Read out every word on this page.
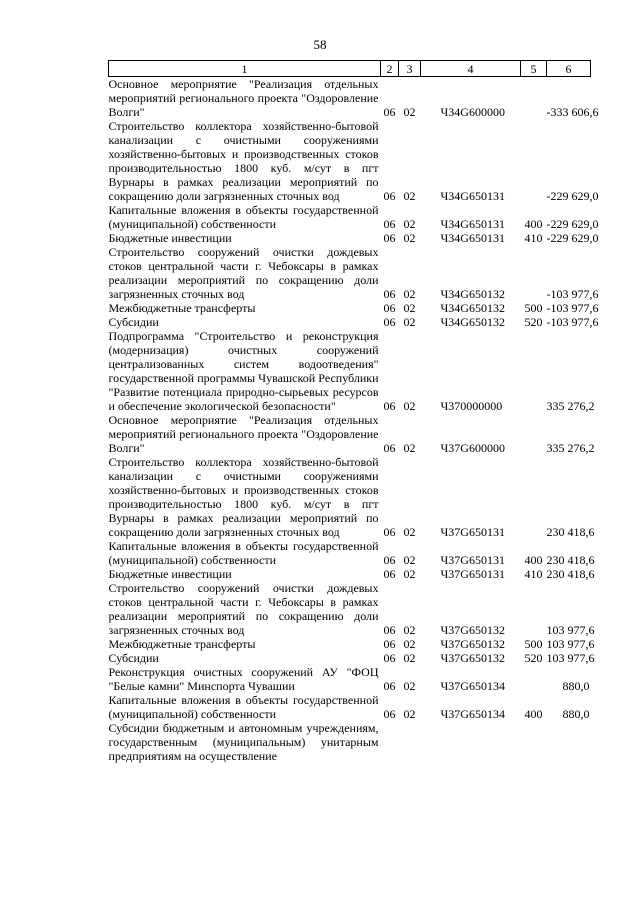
58
1	2	3	4	5	6
Основное мероприятие "Реализация отдельных мероприятий регионального проекта "Оздоровление Волги"	06	02	Ч34G600000		-333 606,6
Строительство коллектора хозяйственно-бытовой канализации с очистными сооружениями хозяйственно-бытовых и производственных стоков производительностью 1800 куб. м/сут в пгт Вурнары в рамках реализации мероприятий по сокращению доли загрязненных сточных вод	06	02	Ч34G650131		-229 629,0
Капитальные вложения в объекты государственной (муниципальной) собственности	06	02	Ч34G650131	400	-229 629,0
Бюджетные инвестиции	06	02	Ч34G650131	410	-229 629,0
Строительство сооружений очистки дождевых стоков центральной части г. Чебоксары в рамках реализации мероприятий по сокращению доли загрязненных сточных вод	06	02	Ч34G650132		-103 977,6
Межбюджетные трансферты	06	02	Ч34G650132	500	-103 977,6
Субсидии	06	02	Ч34G650132	520	-103 977,6
Подпрограмма "Строительство и реконструкция (модернизация) очистных сооружений централизованных систем водоотведения" государственной программы Чувашской Республики "Развитие потенциала природно-сырьевых ресурсов и обеспечение экологической безопасности"	06	02	Ч370000000		335 276,2
Основное мероприятие "Реализация отдельных мероприятий регионального проекта "Оздоровление Волги"	06	02	Ч37G600000		335 276,2
Строительство коллектора хозяйственно-бытовой канализации с очистными сооружениями хозяйственно-бытовых и производственных стоков производительностью 1800 куб. м/сут в пгт Вурнары в рамках реализации мероприятий по сокращению доли загрязненных сточных вод	06	02	Ч37G650131		230 418,6
Капитальные вложения в объекты государственной (муниципальной) собственности	06	02	Ч37G650131	400	230 418,6
Бюджетные инвестиции	06	02	Ч37G650131	410	230 418,6
Строительство сооружений очистки дождевых стоков центральной части г. Чебоксары в рамках реализации мероприятий по сокращению доли загрязненных сточных вод	06	02	Ч37G650132		103 977,6
Межбюджетные трансферты	06	02	Ч37G650132	500	103 977,6
Субсидии	06	02	Ч37G650132	520	103 977,6
Реконструкция очистных сооружений АУ "ФОЦ "Белые камни" Минспорта Чувашии	06	02	Ч37G650134		880,0
Капитальные вложения в объекты государственной (муниципальной) собственности	06	02	Ч37G650134	400	880,0
Субсидии бюджетным и автономным учреждениям, государственным (муниципальным) унитарным предприятиям на осуществление					
